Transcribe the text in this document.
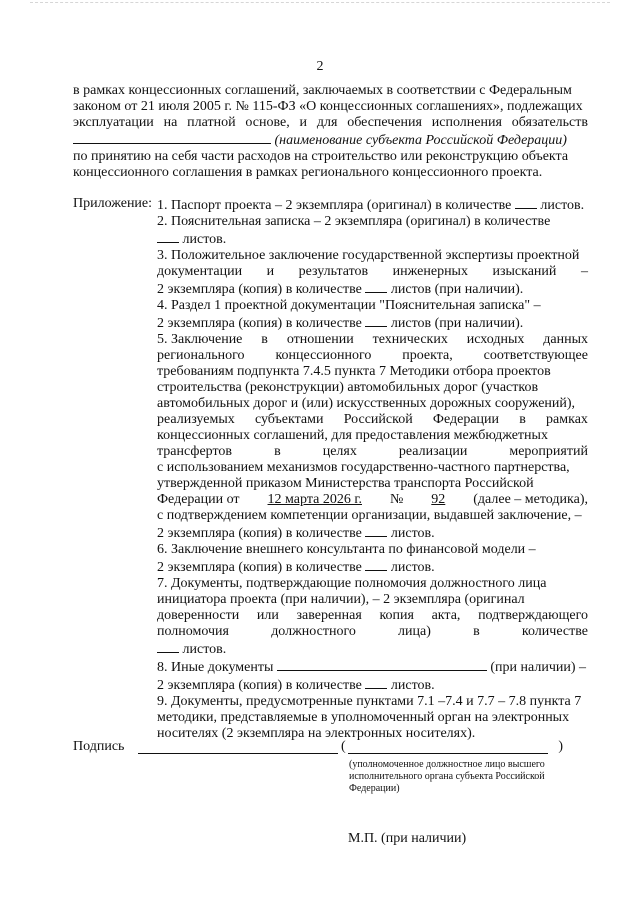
2
в рамках концессионных соглашений, заключаемых в соответствии с Федеральным
законом от 21 июля 2005 г. № 115-ФЗ «О концессионных соглашениях», подлежащих
эксплуатации на платной основе, и для обеспечения исполнения обязательств
(наименование субъекта Российской Федерации)
по принятию на себя части расходов на строительство или реконструкцию объекта
концессионного соглашения в рамках регионального концессионного проекта.
Приложение: 1. Паспорт проекта – 2 экземпляра (оригинал) в количестве листов.
2. Пояснительная записка – 2 экземпляра (оригинал) в количестве
листов.
3. Положительное заключение государственной экспертизы проектной
документации и результатов инженерных изысканий –
2 экземпляра (копия) в количестве листов (при наличии).
4. Раздел 1 проектной документации "Пояснительная записка" –
2 экземпляра (копия) в количестве листов (при наличии).
5. Заключение в отношении технических исходных данных
регионального концессионного проекта, соответствующее
требованиям подпункта 7.4.5 пункта 7 Методики отбора проектов
строительства (реконструкции) автомобильных дорог (участков
автомобильных дорог и (или) искусственных дорожных сооружений),
реализуемых субъектами Российской Федерации в рамках
концессионных соглашений, для предоставления межбюджетных
трансфертов	в	целях	реализации	мероприятий
с использованием механизмов государственно-частного партнерства,
утвержденной приказом Министерства транспорта Российской
Федерации от 12 марта 2026 г. № 92 (далее – методика),
с подтверждением компетенции организации, выдавшей заключение, –
2 экземпляра (копия) в количестве листов.
6. Заключение внешнего консультанта по финансовой модели –
2 экземпляра (копия) в количестве листов.
7. Документы, подтверждающие полномочия должностного лица
инициатора проекта (при наличии), – 2 экземпляра (оригинал
доверенности или заверенная копия акта, подтверждающего
полномочия	должностного	лица)	в	количестве
листов.
8. Иные документы	(при наличии) –
2 экземпляра (копия) в количестве листов.
9. Документы, предусмотренные пунктами 7.1 –7.4 и 7.7 – 7.8 пункта 7
методики, представляемые в уполномоченный орган на электронных
носителях (2 экземпляра на электронных носителях).
Подпись	(	)
(уполномоченное должностное лицо высшего
исполнительного органа субъекта Российской
Федерации)
М.П. (при наличии)
